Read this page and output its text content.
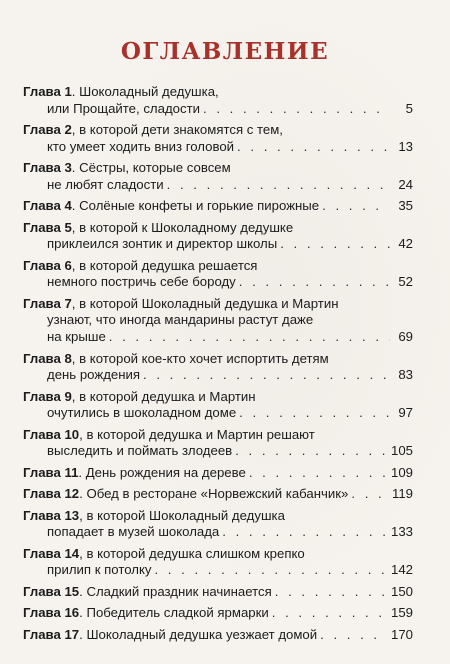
ОГЛАВЛЕНИЕ
Глава 1. Шоколадный дедушка,
или Прощайте, сладости . . .	5
Глава 2, в которой дети знакомятся с тем,
кто умеет ходить вниз головой . . .	13
Глава 3. Сёстры, которые совсем
не любят сладости . . .	24
Глава 4. Солёные конфеты и горькие пирожные . . .	35
Глава 5, в которой к Шоколадному дедушке
приклеился зонтик и директор школы . . .	42
Глава 6, в которой дедушка решается
немного постричь себе бороду . . .	52
Глава 7, в которой Шоколадный дедушка и Мартин
узнают, что иногда мандарины растут даже
на крыше . . .	69
Глава 8, в которой кое-кто хочет испортить детям
день рождения . . .	83
Глава 9, в которой дедушка и Мартин
очутились в шоколадном доме . . .	97
Глава 10, в которой дедушка и Мартин решают
выследить и поймать злодеев . . .	105
Глава 11. День рождения на дереве . . .	109
Глава 12. Обед в ресторане «Норвежский кабанчик» . . .	119
Глава 13, в которой Шоколадный дедушка
попадает в музей шоколада . . .	133
Глава 14, в которой дедушка слишком крепко
прилип к потолку . . .	142
Глава 15. Сладкий праздник начинается . . .	150
Глава 16. Победитель сладкой ярмарки . . .	159
Глава 17. Шоколадный дедушка уезжает домой . . .	170
